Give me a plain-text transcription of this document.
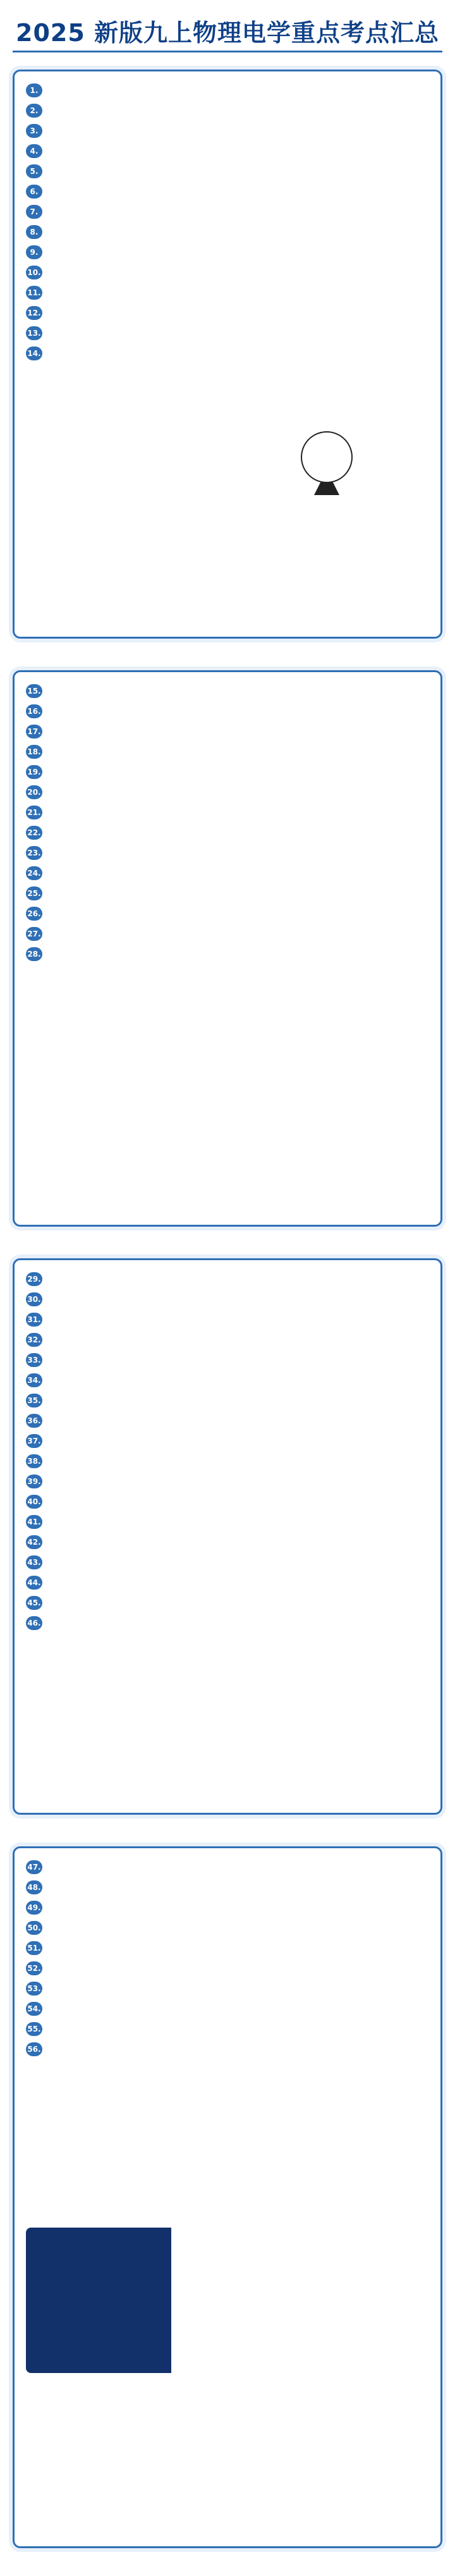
2025 新版九上物理电学重点考点汇总
1.
2.
3.
4.
5.
6.
7.
8.
9.
10.
11.
12.
13.
14.
15.
16.
17.
18.
19.
20.
21.
22.
23.
24.
25.
26.
27.
28.
29.
30.
31.
32.
33.
34.
35.
36.
37.
38.
39.
40.
41.
42.
43.
44.
45.
46.
47.
48.
49.
50.
51.
52.
53.
54.
55.
56.
